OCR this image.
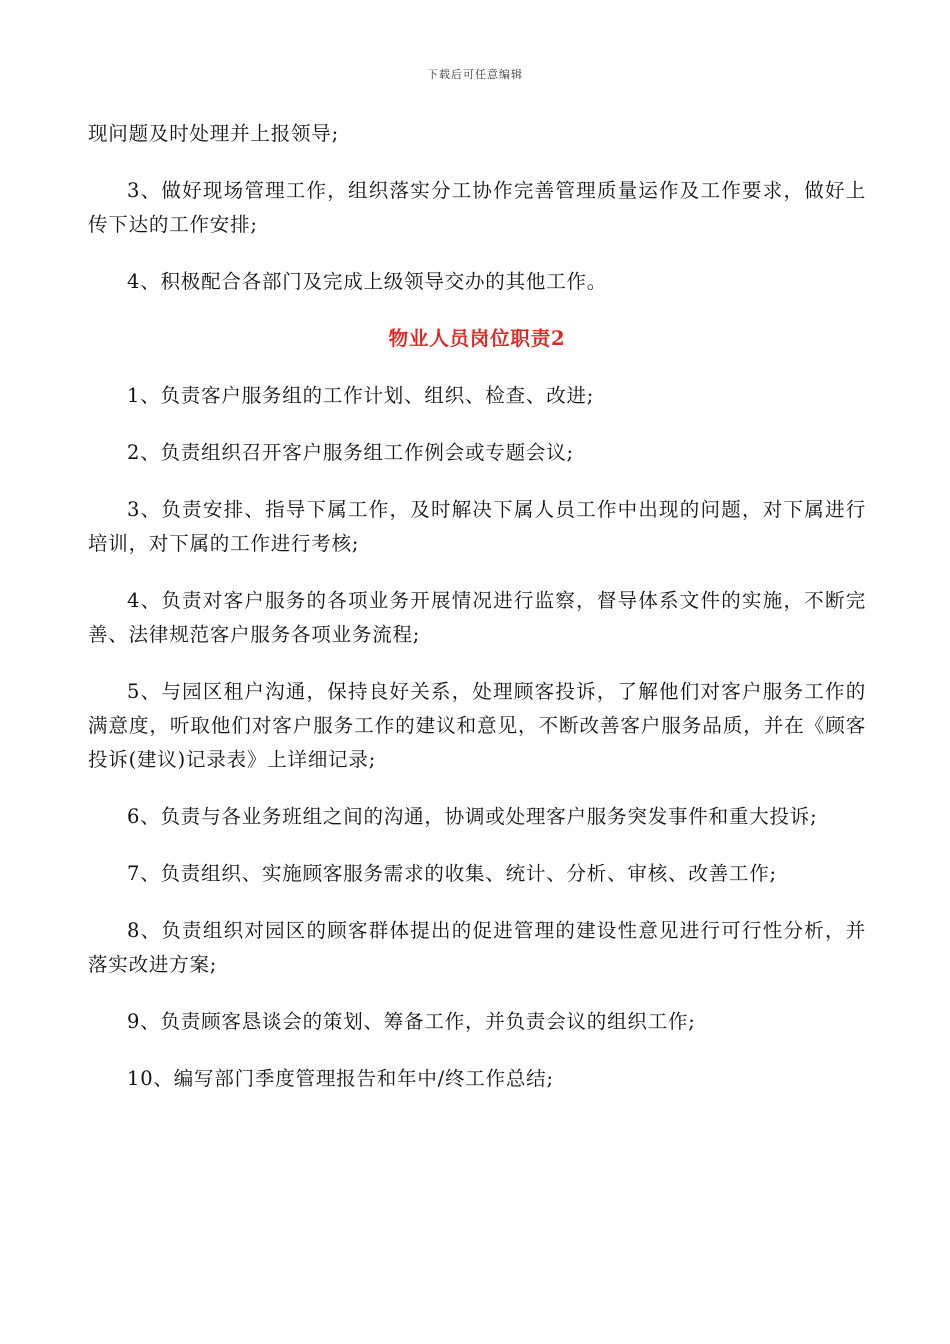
下载后可任意编辑

现问题及时处理并上报领导;

3、做好现场管理工作，组织落实分工协作完善管理质量运作及工作要求，做好上传下达的工作安排;

4、积极配合各部门及完成上级领导交办的其他工作。

物业人员岗位职责2

1、负责客户服务组的工作计划、组织、检查、改进;

2、负责组织召开客户服务组工作例会或专题会议;

3、负责安排、指导下属工作，及时解决下属人员工作中出现的问题，对下属进行培训，对下属的工作进行考核;

4、负责对客户服务的各项业务开展情况进行监察，督导体系文件的实施，不断完善、法律规范客户服务各项业务流程;

5、与园区租户沟通，保持良好关系，处理顾客投诉，了解他们对客户服务工作的满意度，听取他们对客户服务工作的建议和意见，不断改善客户服务品质，并在《顾客投诉(建议)记录表》上详细记录;

6、负责与各业务班组之间的沟通，协调或处理客户服务突发事件和重大投诉;

7、负责组织、实施顾客服务需求的收集、统计、分析、审核、改善工作;

8、负责组织对园区的顾客群体提出的促进管理的建设性意见进行可行性分析，并落实改进方案;

9、负责顾客恳谈会的策划、筹备工作，并负责会议的组织工作;

10、编写部门季度管理报告和年中/终工作总结;
